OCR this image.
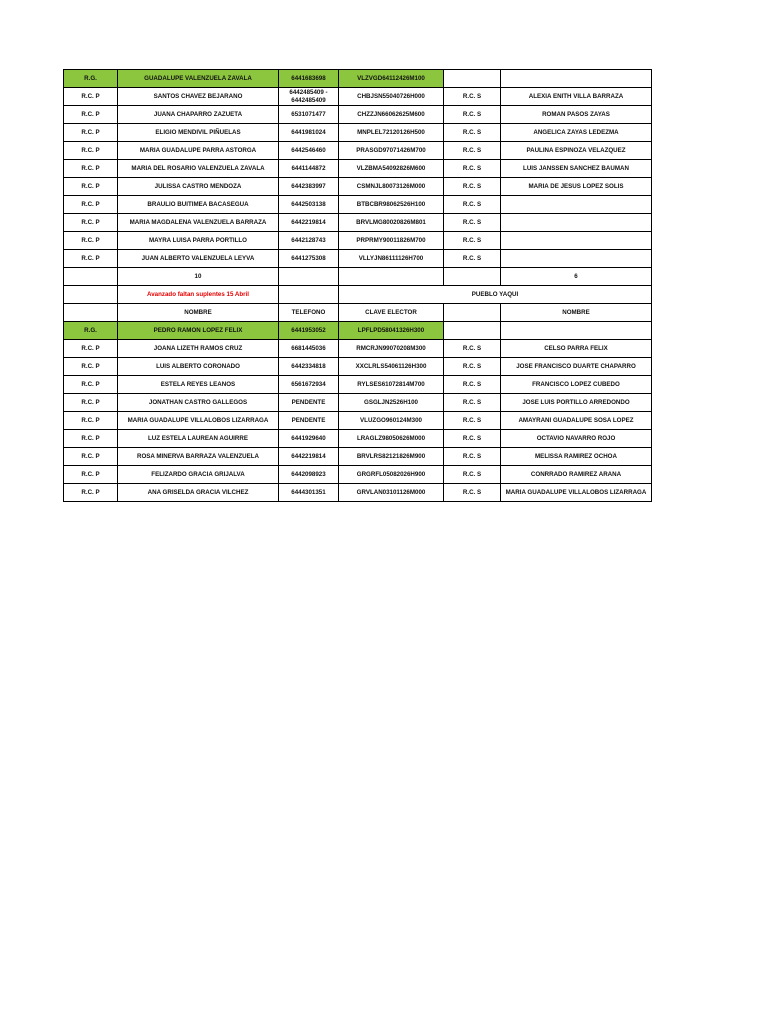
R.G.	GUADALUPE VALENZUELA ZAVALA	6441683698	VLZVGD64112426M100			
R.C. P	SANTOS CHAVEZ BEJARANO	6442485409 - 6442485409	CHBJSN55040726H000	R.C. S	ALEXIA ENITH VILLA BARRAZA	
R.C. P	JUANA CHAPARRO ZAZUETA	6531071477	CHZZJN66062625M600	R.C. S	ROMAN PASOS ZAYAS	
R.C. P	ELIGIO MENDIVIL PIÑUELAS	6441981024	MNPLEL72120126H500	R.C. S	ANGELICA ZAYAS LEDEZMA	
R.C. P	MARIA GUADALUPE PARRA ASTORGA	6442546460	PRASGD97071426M700	R.C. S	PAULINA ESPINOZA VELAZQUEZ	
R.C. P	MARIA DEL ROSARIO VALENZUELA ZAVALA	6441144872	VLZBMA54092826M600	R.C. S	LUIS JANSSEN SANCHEZ BAUMAN	
R.C. P	JULISSA CASTRO MENDOZA	6442383997	CSMNJL80073126M000	R.C. S	MARIA DE JESUS LOPEZ SOLIS	
R.C. P	BRAULIO BUITIMEA BACASEGUA	6442503138	BTBCBR98062526H100	R.C. S		
R.C. P	MARIA MAGDALENA VALENZUELA BARRAZA	6442219814	BRVLMG80020826M801	R.C. S		
R.C. P	MAYRA LUISA PARRA PORTILLO	6442128743	PRPRMY90011826M700	R.C. S		
R.C. P	JUAN ALBERTO VALENZUELA LEYVA	6441275308	VLLYJN86111126H700	R.C. S		
	10				6	
	Avanzado faltan suplentes 15 Abril		PUEBLO YAQUI			
	NOMBRE	TELEFONO	CLAVE ELECTOR		NOMBRE	
R.G.	PEDRO RAMON LOPEZ FELIX	6441953052	LPFLPD58041326H300			
R.C. P	JOANA LIZETH RAMOS CRUZ	6681445036	RMCRJN99070208M300	R.C. S	CELSO PARRA FELIX	
R.C. P	LUIS ALBERTO CORONADO	6442334818	XXCLRLS54061126H300	R.C. S	JOSE FRANCISCO DUARTE CHAPARRO	
R.C. P	ESTELA REYES LEANOS	6561672934	RYLSES61072814M700	R.C. S	FRANCISCO LOPEZ CUBEDO	
R.C. P	JONATHAN CASTRO GALLEGOS	PENDENTE	GSGLJN2526H100	R.C. S	JOSE LUIS PORTILLO ARREDONDO	
R.C. P	MARIA GUADALUPE VILLALOBOS LIZARRAGA	PENDENTE	VLUZGO960124M300	R.C. S	AMAYRANI GUADALUPE SOSA LOPEZ	
R.C. P	LUZ ESTELA LAUREAN AGUIRRE	6441929640	LRAGLZ98050626M000	R.C. S	OCTAVIO NAVARRO ROJO	
R.C. P	ROSA MINERVA BARRAZA VALENZUELA	6442219814	BRVLRS82121826M900	R.C. S	MELISSA RAMIREZ OCHOA	
R.C. P	FELIZARDO GRACIA GRIJALVA	6442098923	GRGRFL05082026H900	R.C. S	CONRRADO RAMIREZ ARANA	
R.C. P	ANA GRISELDA GRACIA VILCHEZ	6444301351	GRVLAN03101126M000	R.C. S	MARIA GUADALUPE VILLALOBOS LIZARRAGA	
